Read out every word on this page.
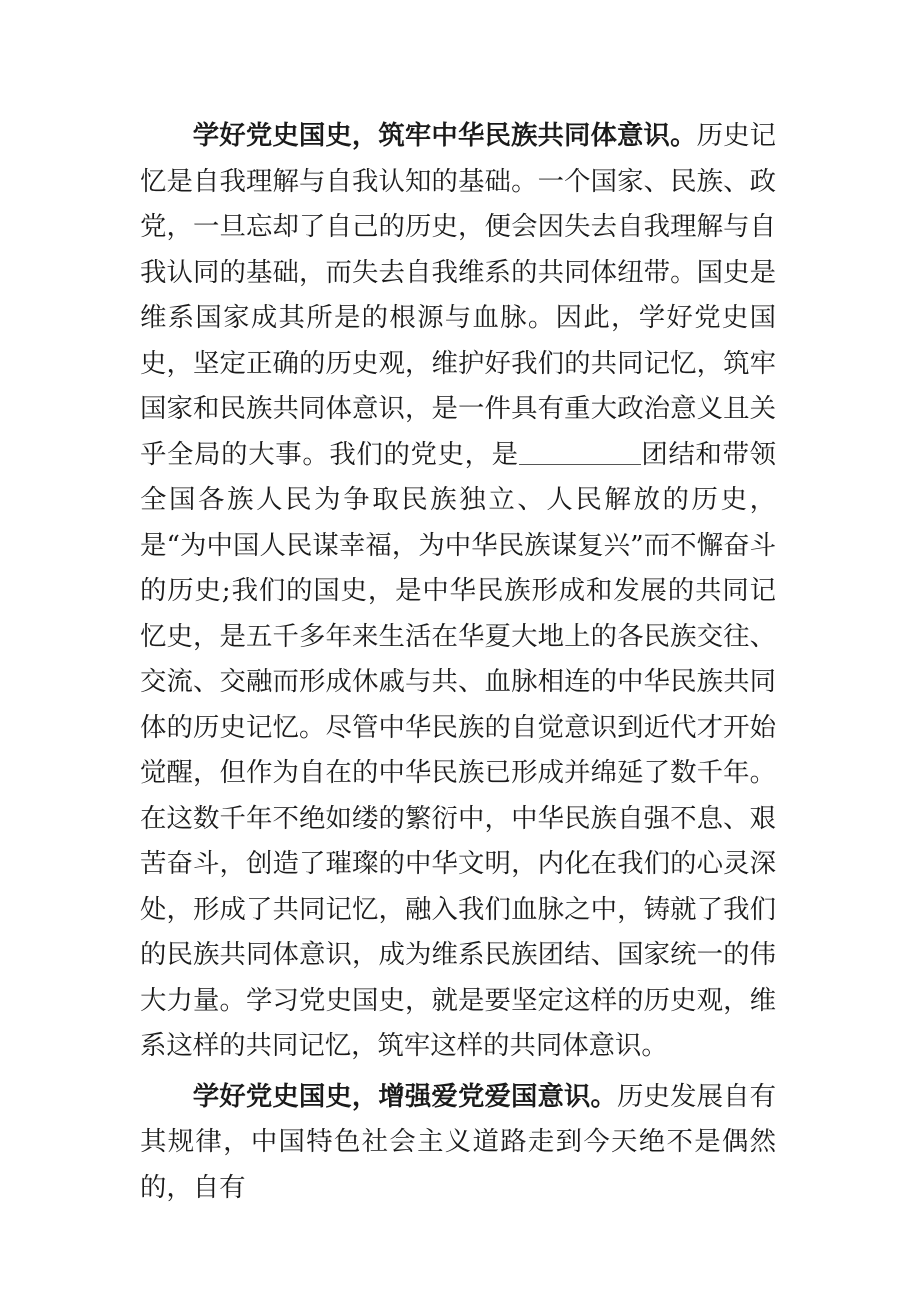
学好党史国史，筑牢中华民族共同体意识。历史记忆是自我理解与自我认知的基础。一个国家、民族、政党，一旦忘却了自己的历史，便会因失去自我理解与自我认同的基础，而失去自我维系的共同体纽带。国史是维系国家成其所是的根源与血脉。因此，学好党史国史，坚定正确的历史观，维护好我们的共同记忆，筑牢国家和民族共同体意识，是一件具有重大政治意义且关乎全局的大事。我们的党史，是	团结和带领全国各族人民为争取民族独立、人民解放的历史，是“为中国人民谋幸福，为中华民族谋复兴”而不懈奋斗的历史;我们的国史，是中华民族形成和发展的共同记忆史，是五千多年来生活在华夏大地上的各民族交往、交流、交融而形成休戚与共、血脉相连的中华民族共同体的历史记忆。尽管中华民族的自觉意识到近代才开始觉醒，但作为自在的中华民族已形成并绵延了数千年。在这数千年不绝如缕的繁衍中，中华民族自强不息、艰苦奋斗，创造了璀璨的中华文明，内化在我们的心灵深处，形成了共同记忆，融入我们血脉之中，铸就了我们的民族共同体意识，成为维系民族团结、国家统一的伟大力量。学习党史国史，就是要坚定这样的历史观，维系这样的共同记忆，筑牢这样的共同体意识。

学好党史国史，增强爱党爱国意识。历史发展自有其规律，中国特色社会主义道路走到今天绝不是偶然的，自有
